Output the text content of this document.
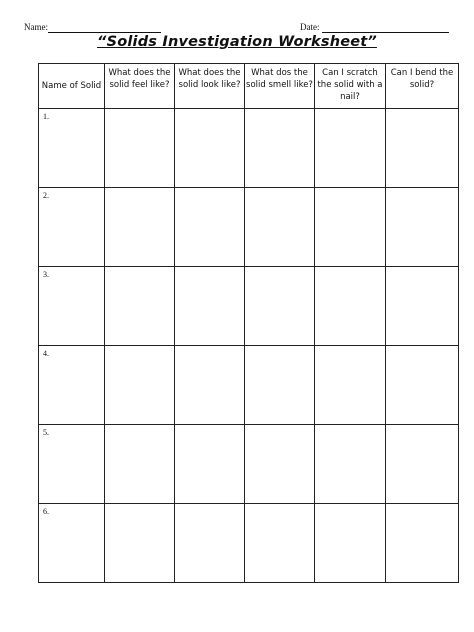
Name:	Date:
“Solids Investigation Worksheet”
Name of Solid	What does the solid feel like?	What does the solid look like?	What dos the solid smell like?	Can I scratch the solid with a nail?	Can I bend the solid?
1.					
2.					
3.					
4.					
5.					
6.					
